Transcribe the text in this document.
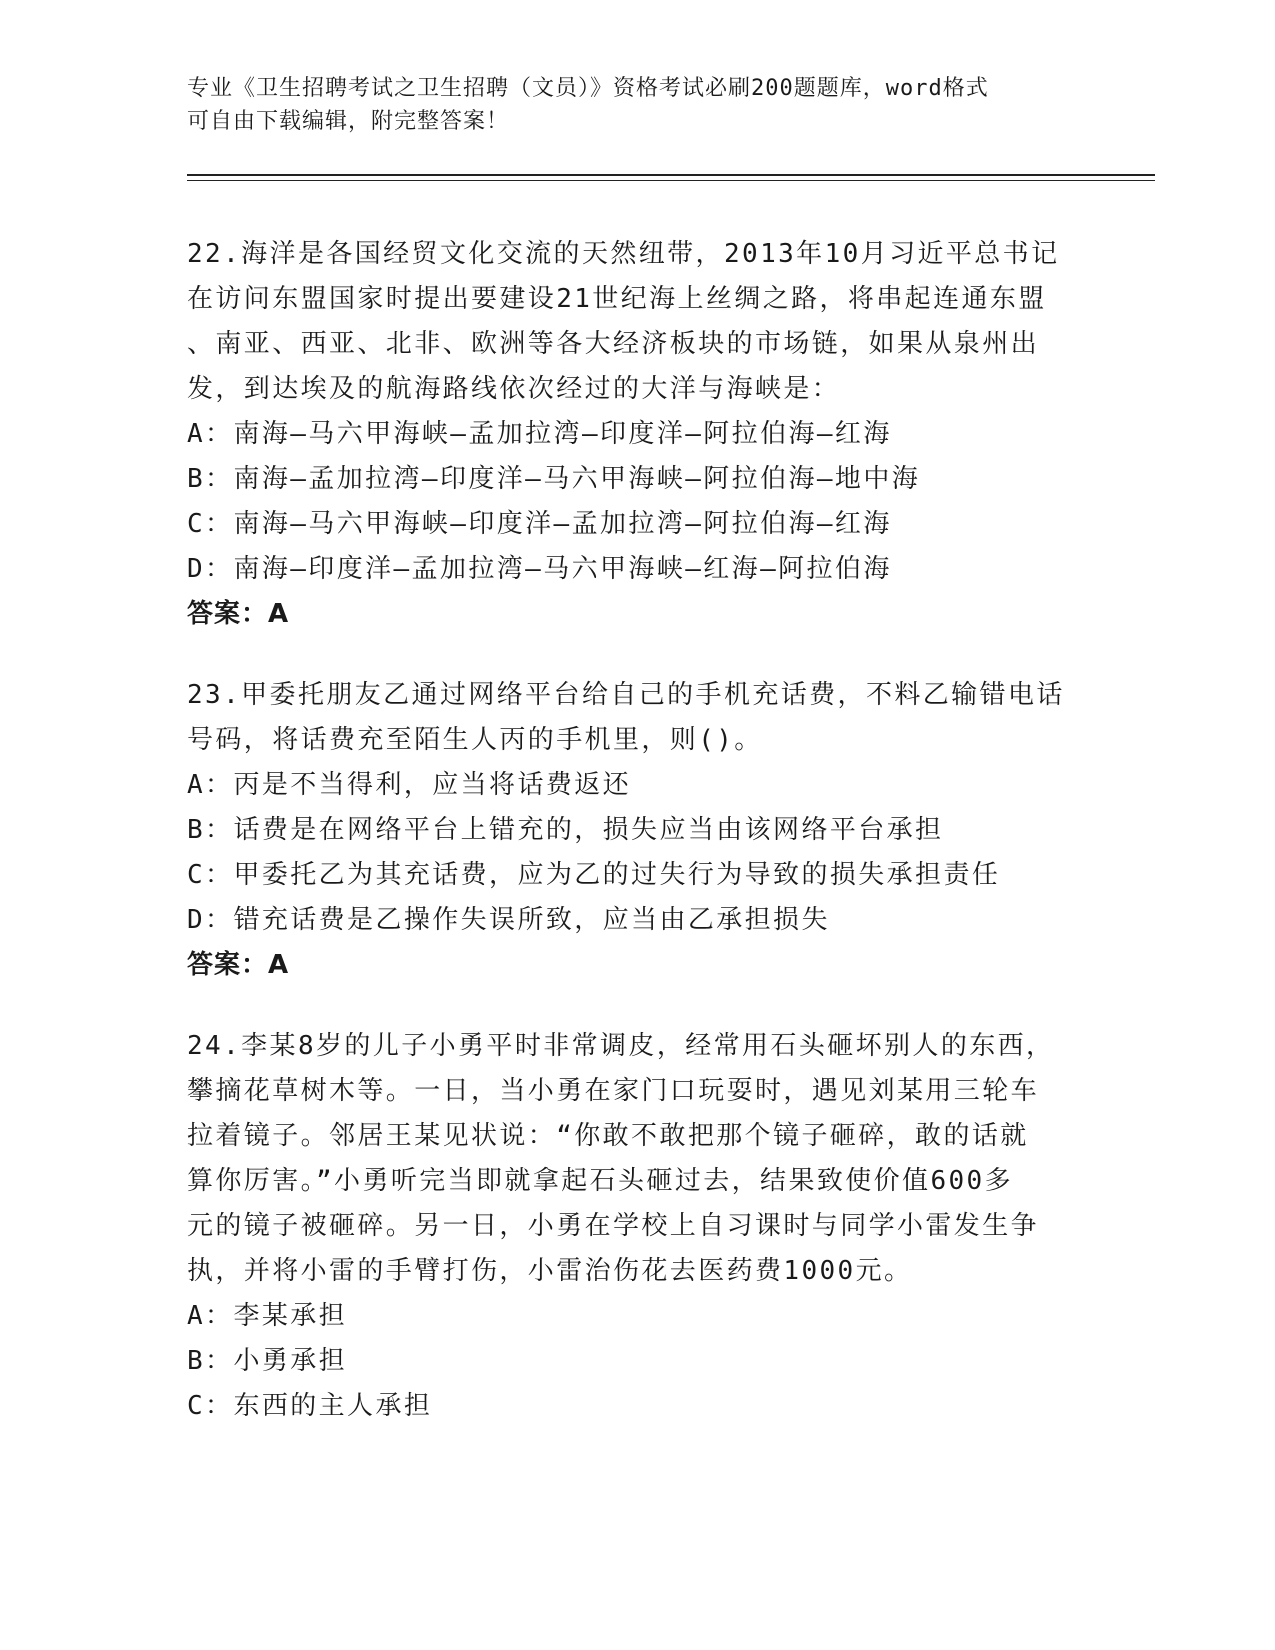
专业《卫生招聘考试之卫生招聘（文员）》资格考试必刷200题题库，word格式
可自由下载编辑，附完整答案！
22.海洋是各国经贸文化交流的天然纽带，2013年10月习近平总书记
在访问东盟国家时提出要建设21世纪海上丝绸之路，将串起连通东盟
、南亚、西亚、北非、欧洲等各大经济板块的市场链，如果从泉州出
发，到达埃及的航海路线依次经过的大洋与海峡是：
A：南海—马六甲海峡—孟加拉湾—印度洋—阿拉伯海—红海
B：南海—孟加拉湾—印度洋—马六甲海峡—阿拉伯海—地中海
C：南海—马六甲海峡—印度洋—孟加拉湾—阿拉伯海—红海
D：南海—印度洋—孟加拉湾—马六甲海峡—红海—阿拉伯海
答案：A
23.甲委托朋友乙通过网络平台给自己的手机充话费，不料乙输错电话
号码，将话费充至陌生人丙的手机里，则()。
A：丙是不当得利，应当将话费返还
B：话费是在网络平台上错充的，损失应当由该网络平台承担
C：甲委托乙为其充话费，应为乙的过失行为导致的损失承担责任
D：错充话费是乙操作失误所致，应当由乙承担损失
答案：A
24.李某8岁的儿子小勇平时非常调皮，经常用石头砸坏别人的东西，
攀摘花草树木等。一日，当小勇在家门口玩耍时，遇见刘某用三轮车
拉着镜子。邻居王某见状说：“你敢不敢把那个镜子砸碎，敢的话就
算你厉害。”小勇听完当即就拿起石头砸过去，结果致使价值600多
元的镜子被砸碎。另一日，小勇在学校上自习课时与同学小雷发生争
执，并将小雷的手臂打伤，小雷治伤花去医药费1000元。
A：李某承担
B：小勇承担
C：东西的主人承担
